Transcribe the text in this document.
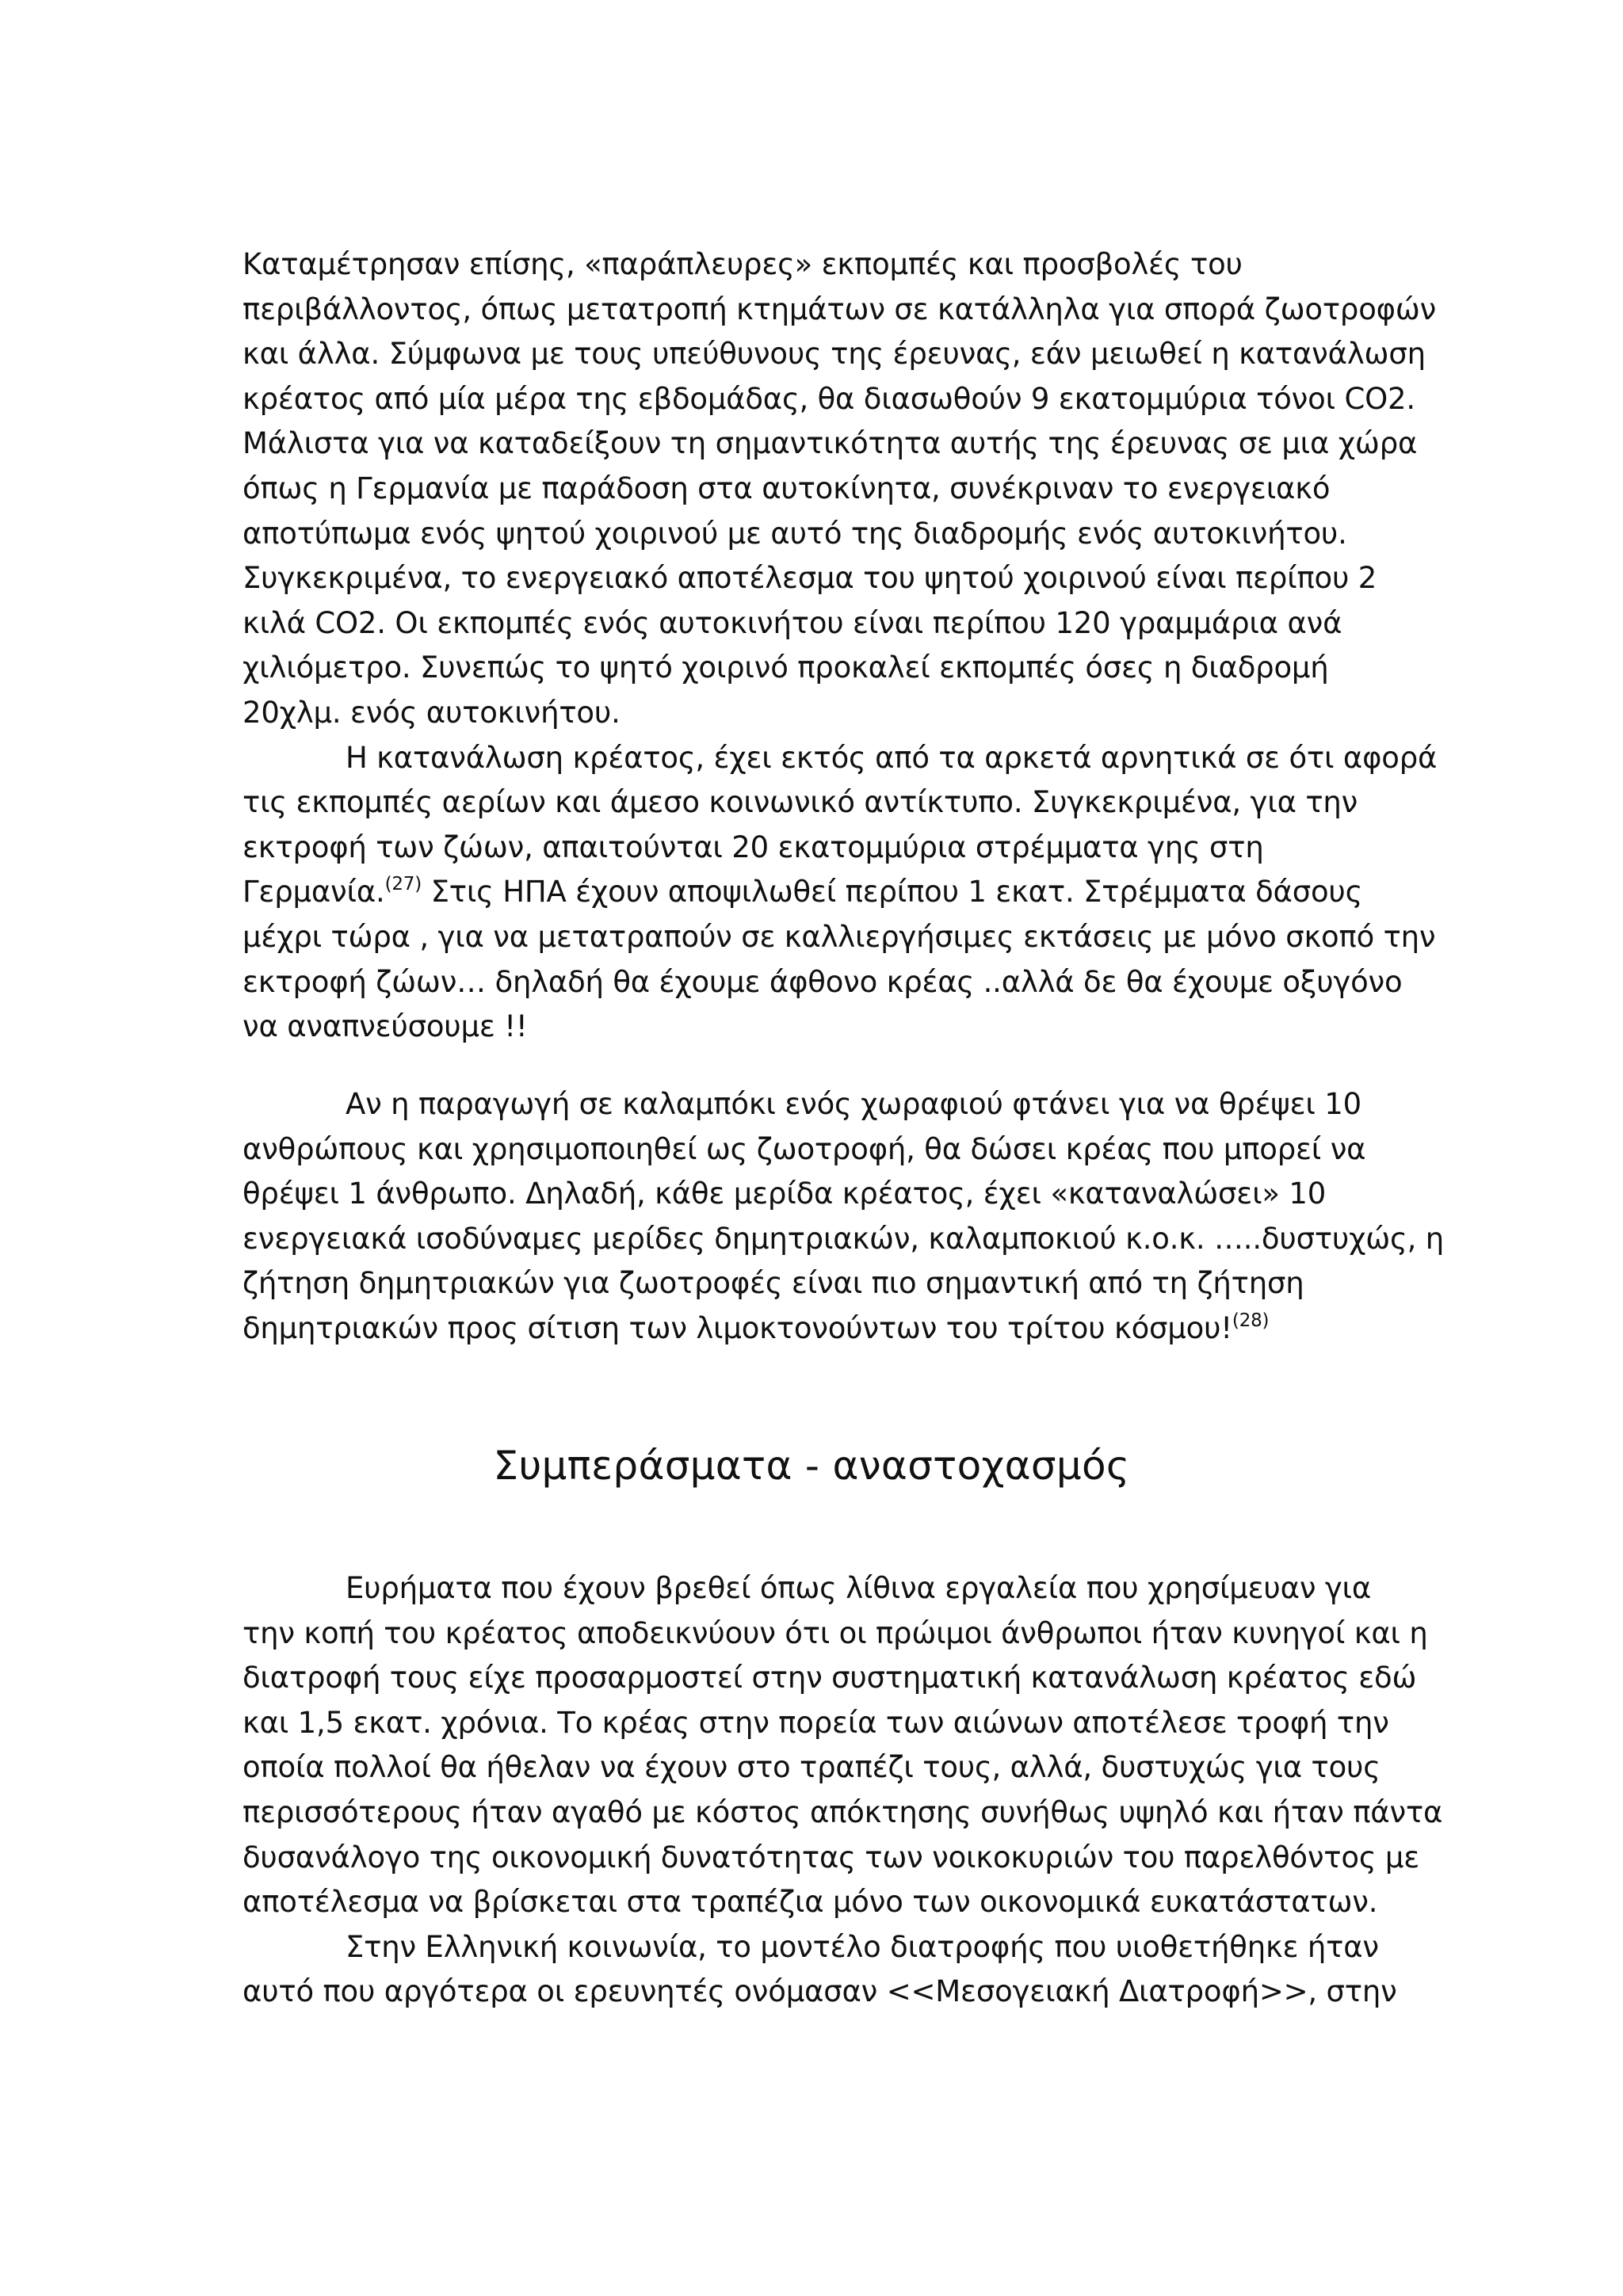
Καταμέτρησαν επίσης, «παράπλευρες» εκπομπές και προσβολές του
περιβάλλοντος, όπως μετατροπή κτημάτων σε κατάλληλα για σπορά ζωοτροφών
και άλλα. Σύμφωνα με τους υπεύθυνους της έρευνας, εάν μειωθεί η κατανάλωση
κρέατος από μία μέρα της εβδομάδας, θα διασωθούν 9 εκατομμύρια τόνοι CO2.
Μάλιστα για να καταδείξουν τη σημαντικότητα αυτής της έρευνας σε μια χώρα
όπως η Γερμανία με παράδοση στα αυτοκίνητα, συνέκριναν το ενεργειακό
αποτύπωμα ενός ψητού χοιρινού με αυτό της διαδρομής ενός αυτοκινήτου.
Συγκεκριμένα, το ενεργειακό αποτέλεσμα του ψητού χοιρινού είναι περίπου 2
κιλά CO2. Οι εκπομπές ενός αυτοκινήτου είναι περίπου 120 γραμμάρια ανά
χιλιόμετρο. Συνεπώς το ψητό χοιρινό προκαλεί εκπομπές όσες η διαδρομή
20χλμ. ενός αυτοκινήτου.
Η κατανάλωση κρέατος, έχει εκτός από τα αρκετά αρνητικά σε ότι αφορά
τις εκπομπές αερίων και άμεσο κοινωνικό αντίκτυπο. Συγκεκριμένα, για την
εκτροφή των ζώων, απαιτούνται 20 εκατομμύρια στρέμματα γης στη
Γερμανία.$^{(27)}$ Στις ΗΠΑ έχουν αποψιλωθεί περίπου 1 εκατ. Στρέμματα δάσους
μέχρι τώρα , για να μετατραπούν σε καλλιεργήσιμες εκτάσεις με μόνο σκοπό την
εκτροφή ζώων… δηλαδή θα έχουμε άφθονο κρέας ..αλλά δε θα έχουμε οξυγόνο
να αναπνεύσουμε !!
Αν η παραγωγή σε καλαμπόκι ενός χωραφιού φτάνει για να θρέψει 10
ανθρώπους και χρησιμοποιηθεί ως ζωοτροφή, θα δώσει κρέας που μπορεί να
θρέψει 1 άνθρωπο. Δηλαδή, κάθε μερίδα κρέατος, έχει «καταναλώσει» 10
ενεργειακά ισοδύναμες μερίδες δημητριακών, καλαμποκιού κ.ο.κ. …..δυστυχώς, η
ζήτηση δημητριακών για ζωοτροφές είναι πιο σημαντική από τη ζήτηση
δημητριακών προς σίτιση των λιμοκτονούντων του τρίτου κόσμου!$^{(28)}$
Συμπεράσματα - αναστοχασμός
Ευρήματα που έχουν βρεθεί όπως λίθινα εργαλεία που χρησίμευαν για
την κοπή του κρέατος αποδεικνύουν ότι οι πρώιμοι άνθρωποι ήταν κυνηγοί και η
διατροφή τους είχε προσαρμοστεί στην συστηματική κατανάλωση κρέατος εδώ
και 1,5 εκατ. χρόνια. Το κρέας στην πορεία των αιώνων αποτέλεσε τροφή την
οποία πολλοί θα ήθελαν να έχουν στο τραπέζι τους, αλλά, δυστυχώς για τους
περισσότερους ήταν αγαθό με κόστος απόκτησης συνήθως υψηλό και ήταν πάντα
δυσανάλογο της οικονομική δυνατότητας των νοικοκυριών του παρελθόντος με
αποτέλεσμα να βρίσκεται στα τραπέζια μόνο των οικονομικά ευκατάστατων.
Στην Ελληνική κοινωνία, το μοντέλο διατροφής που υιοθετήθηκε ήταν
αυτό που αργότερα οι ερευνητές ονόμασαν <<Μεσογειακή Διατροφή>>, στην
